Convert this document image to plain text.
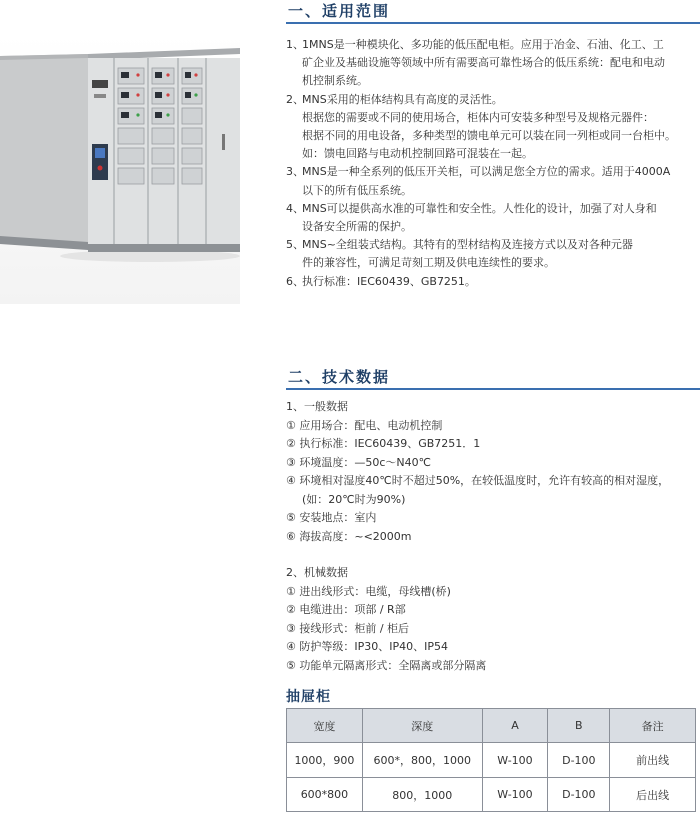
一、适用范围
1、
1MNS是一种模块化、多功能的低压配电柜。应用于冶金、石油、化工、工
矿企业及基础设施等领域中所有需要高可靠性场合的低压系统：配电和电动
机控制系统。
2、
MNS采用的柜体结构具有高度的灵活性。
根据您的需要或不同的使用场合，柜体内可安装多种型号及规格元器件：
根据不同的用电设备，多种类型的馈电单元可以装在同一列柜或同一台柜中。
如：馈电回路与电动机控制回路可混装在一起。
3、
MNS是一种全系列的低压开关柜，可以满足您全方位的需求。适用于4000A
以下的所有低压系统。
4、
MNS可以提供高水准的可靠性和安全性。人性化的设计，加强了对人身和
设备安全所需的保护。
5、
MNS~全组装式结构。其特有的型材结构及连接方式以及对各种元器
件的兼容性，可满足苛刻工期及供电连续性的要求。
6、
执行标准：IEC60439、GB7251。
二、技术数据
1、一般数据
① 应用场合：配电、电动机控制
② 执行标准：IEC60439、GB7251．1
③ 环境温度：—50c～N40℃
④ 环境相对湿度40℃时不超过50%，在较低温度时，允许有较高的相对湿度，
(如：20℃时为90%)
⑤ 安装地点：室内
⑥ 海拔高度：~<2000m
2、机械数据
① 进出线形式：电缆，母线槽(桥)
② 电缆进出：项部 / R部
③ 接线形式：柜前 / 柜后
④ 防护等级：IP30、IP40、IP54
⑤ 功能单元隔离形式：全隔离或部分隔离
抽屉柜
宽度	深度	A	B	备注
1000，900	600*，800，1000	W-100	D-100	前出线
600*800	800，1000	W-100	D-100	后出线
